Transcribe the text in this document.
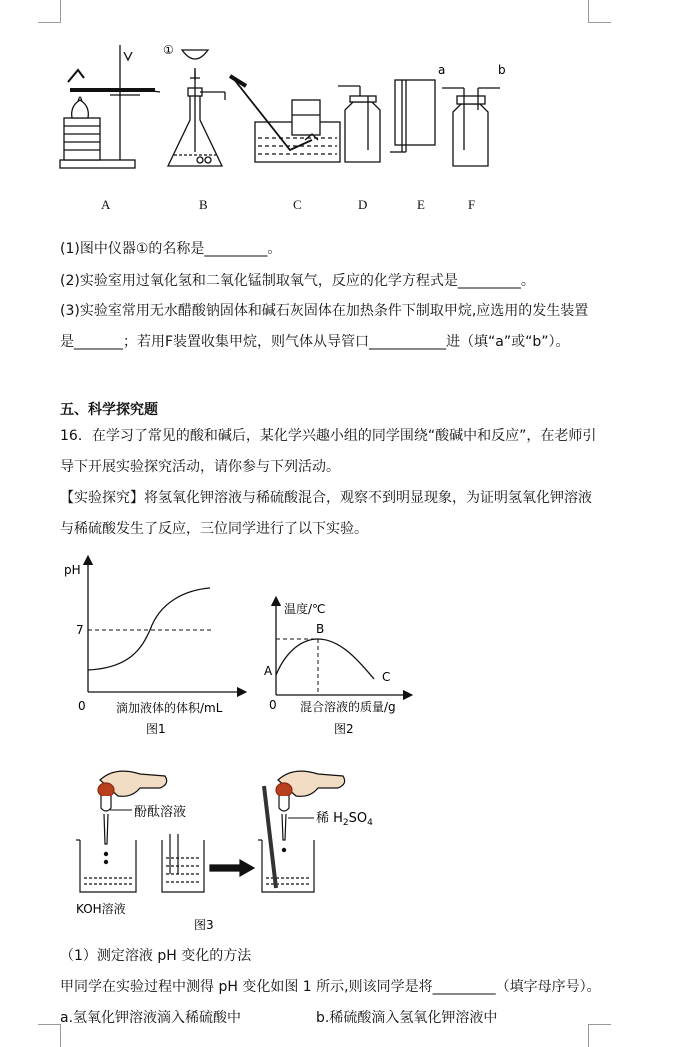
①
a	b
A	B	C	D	E	F
(1)图中仪器①的名称是_________。
(2)实验室用过氧化氢和二氧化锰制取氧气，反应的化学方程式是_________。
(3)实验室常用无水醋酸钠固体和碱石灰固体在加热条件下制取甲烷,应选用的发生装置
是_______；若用F装置收集甲烷，则气体从导管口___________进（填“a”或“b”）。
五、科学探究题
16．在学习了常见的酸和碱后，某化学兴趣小组的同学围绕“酸碱中和反应”，在老师引
导下开展实验探究活动，请你参与下列活动。
【实验探究】将氢氧化钾溶液与稀硫酸混合，观察不到明显现象，为证明氢氧化钾溶液
与稀硫酸发生了反应，三位同学进行了以下实验。
pH
7
0	滴加液体的体积/mL
图1
温度/℃
B
A	C
0 混合溶液的质量/g
图2
酚酞溶液	稀 $H_2SO_4$
KOH溶液
图3
（1）测定溶液 pH 变化的方法
甲同学在实验过程中测得 pH 变化如图 1 所示,则该同学是将_________（填字母序号）。
a.氢氧化钾溶液滴入稀硫酸中	b.稀硫酸滴入氢氧化钾溶液中
